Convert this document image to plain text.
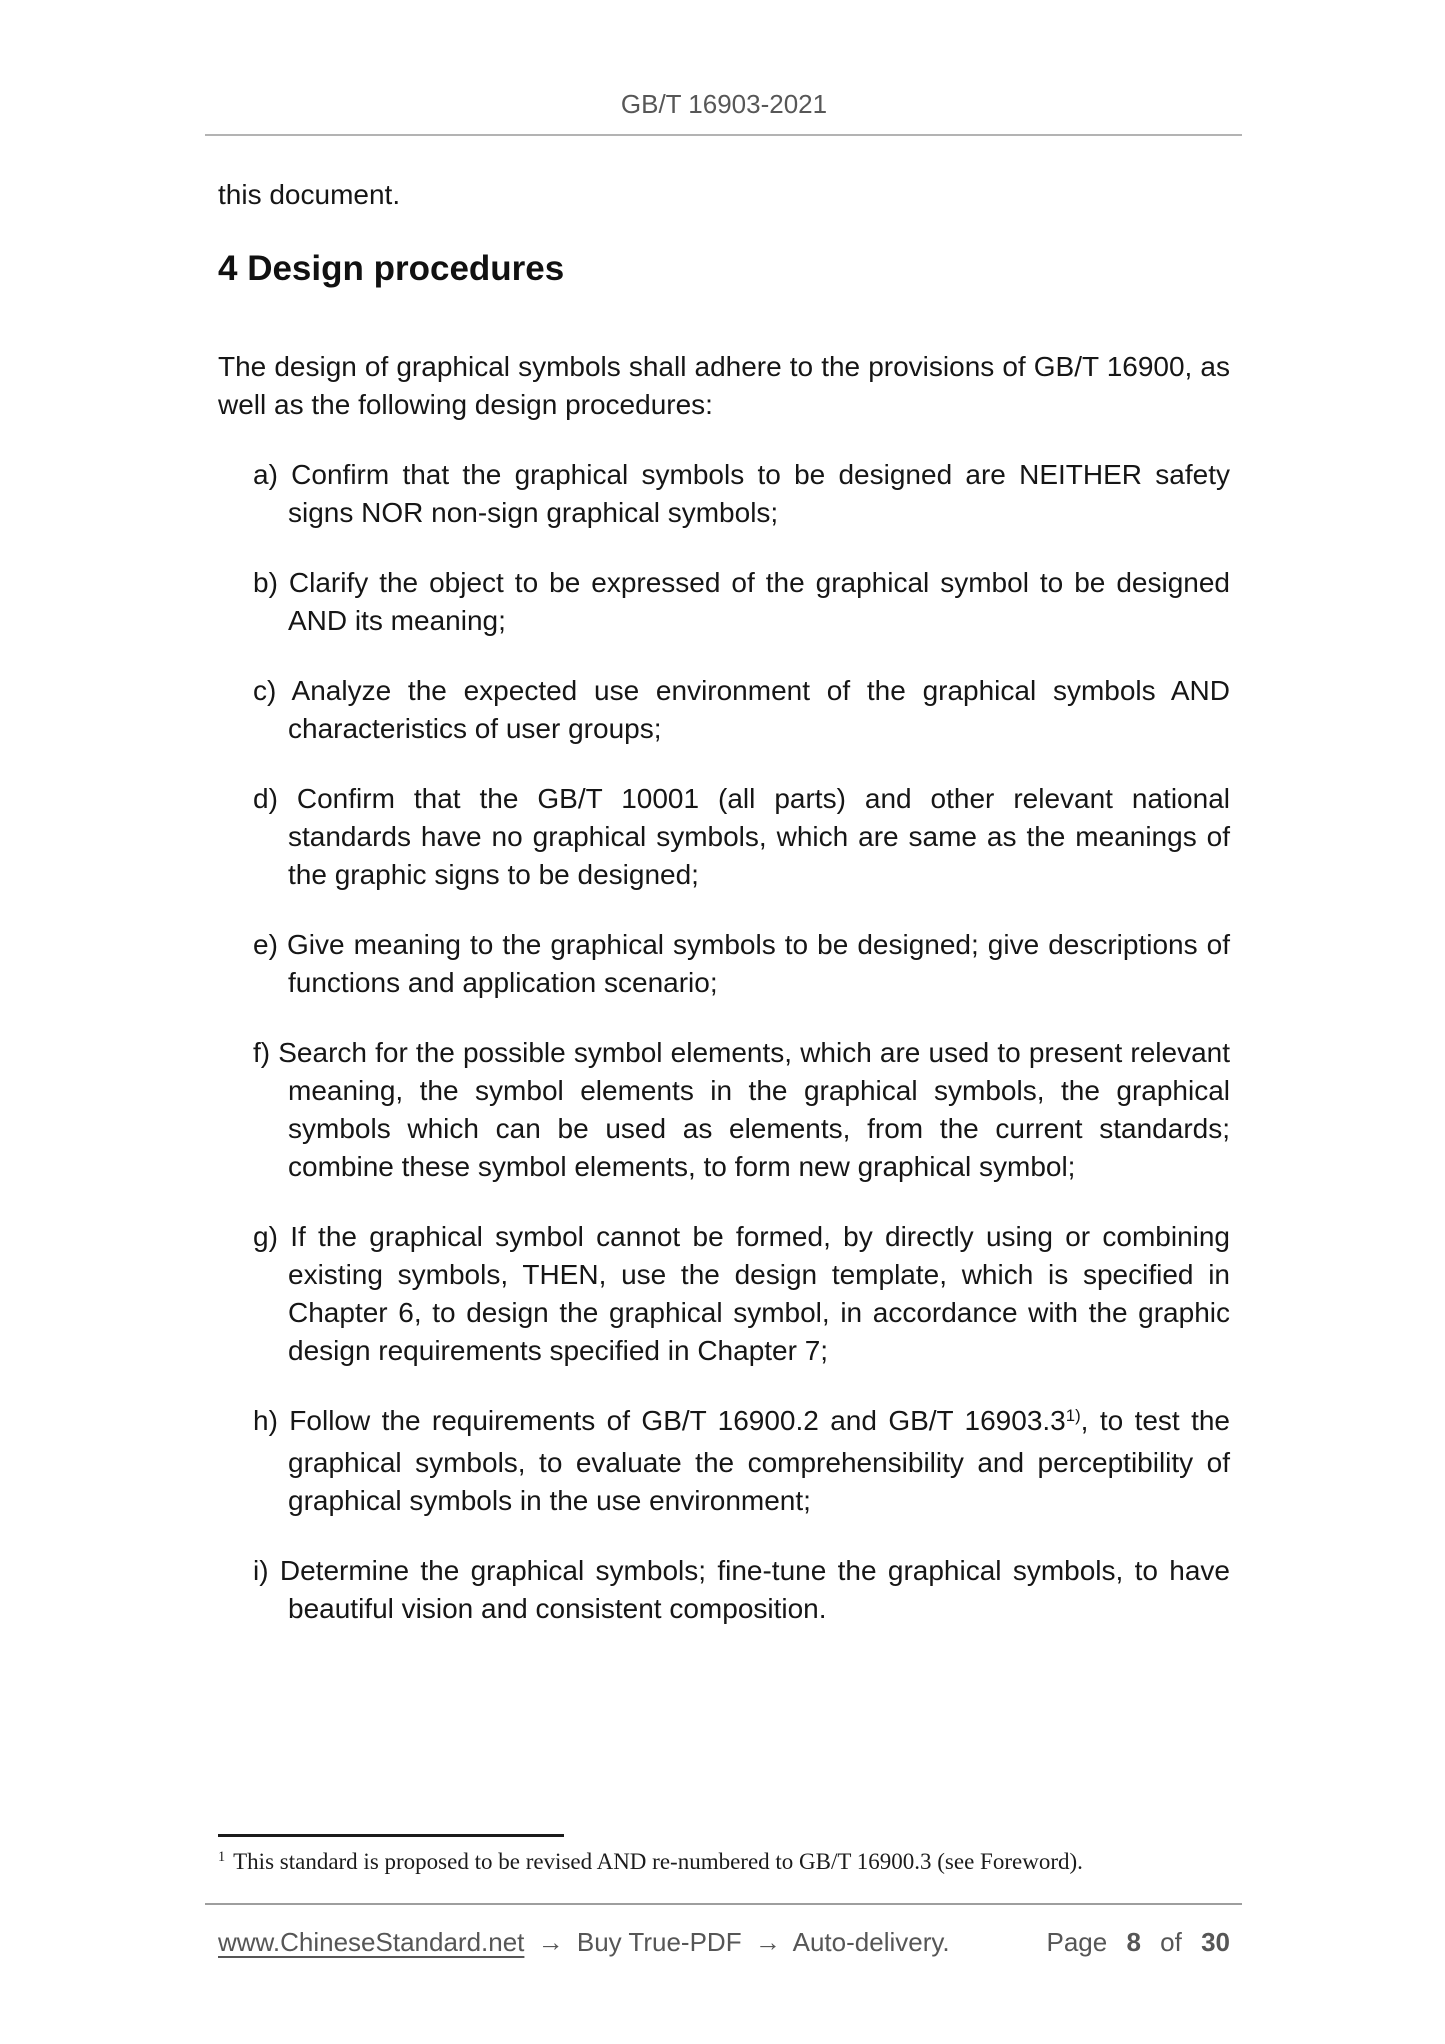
GB/T 16903-2021

this document.

4 Design procedures

The design of graphical symbols shall adhere to the provisions of GB/T 16900, as well as the following design procedures:

a) Confirm that the graphical symbols to be designed are NEITHER safety signs NOR non-sign graphical symbols;

b) Clarify the object to be expressed of the graphical symbol to be designed AND its meaning;

c) Analyze the expected use environment of the graphical symbols AND characteristics of user groups;

d) Confirm that the GB/T 10001 (all parts) and other relevant national standards have no graphical symbols, which are same as the meanings of the graphic signs to be designed;

e) Give meaning to the graphical symbols to be designed; give descriptions of functions and application scenario;

f) Search for the possible symbol elements, which are used to present relevant meaning, the symbol elements in the graphical symbols, the graphical symbols which can be used as elements, from the current standards; combine these symbol elements, to form new graphical symbol;

g) If the graphical symbol cannot be formed, by directly using or combining existing symbols, THEN, use the design template, which is specified in Chapter 6, to design the graphical symbol, in accordance with the graphic design requirements specified in Chapter 7;

h) Follow the requirements of GB/T 16900.2 and GB/T 16903.3$^{1)}$, to test the graphical symbols, to evaluate the comprehensibility and perceptibility of graphical symbols in the use environment;

i) Determine the graphical symbols; fine-tune the graphical symbols, to have beautiful vision and consistent composition.

$^1$ This standard is proposed to be revised AND re-numbered to GB/T 16900.3 (see Foreword).

www.ChineseStandard.net → Buy True-PDF → Auto-delivery.	Page 8 of 30
